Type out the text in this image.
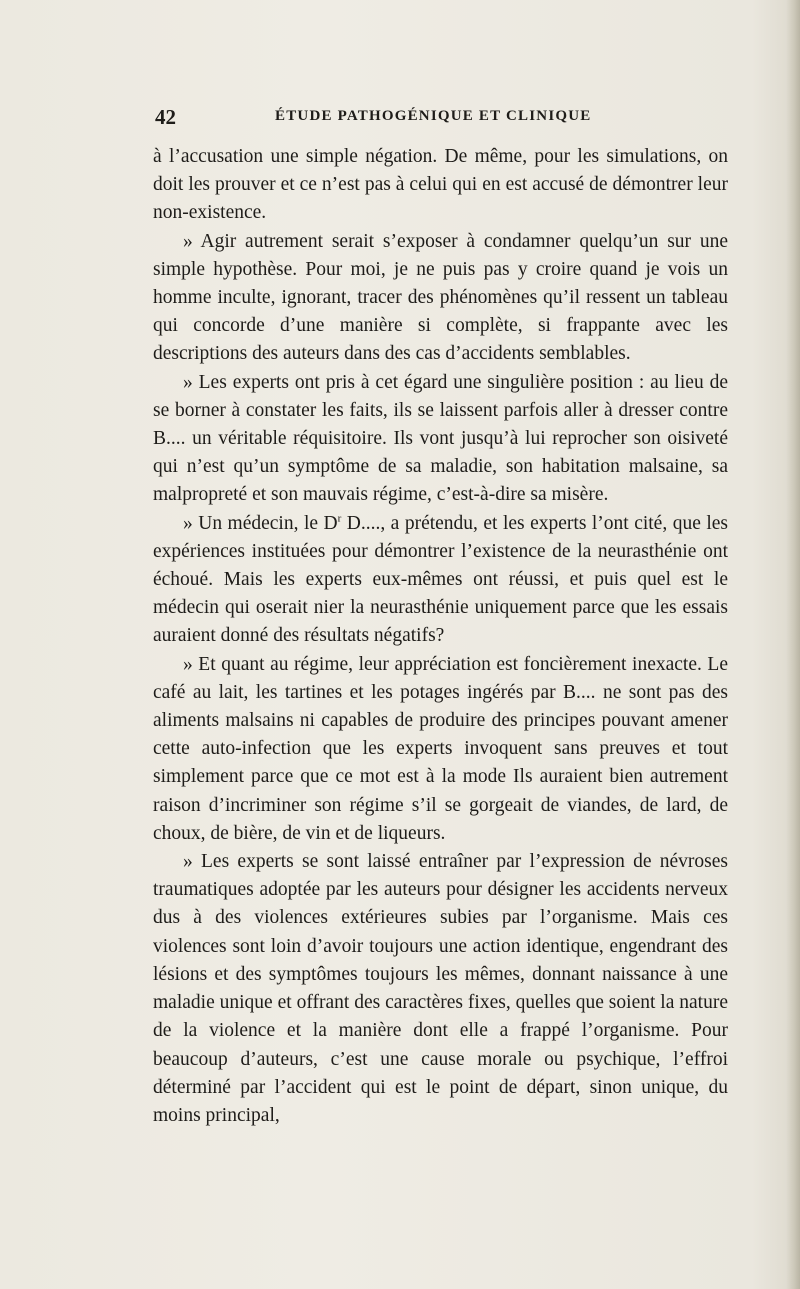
42	ÉTUDE PATHOGÉNIQUE ET CLINIQUE

à l’accusation une simple négation. De même, pour les simulations, on doit les prouver et ce n’est pas à celui qui en est accusé de démontrer leur non-existence.

» Agir autrement serait s’exposer à condamner quelqu’un sur une simple hypothèse. Pour moi, je ne puis pas y croire quand je vois un homme inculte, ignorant, tracer des phénomènes qu’il ressent un tableau qui concorde d’une manière si complète, si frappante avec les descriptions des auteurs dans des cas d’accidents semblables.

» Les experts ont pris à cet égard une singulière position : au lieu de se borner à constater les faits, ils se laissent parfois aller à dresser contre B.... un véritable réquisitoire. Ils vont jusqu’à lui reprocher son oisiveté qui n’est qu’un symptôme de sa maladie, son habitation malsaine, sa malpropreté et son mauvais régime, c’est-à-dire sa misère.

» Un médecin, le $D^r$ D...., a prétendu, et les experts l’ont cité, que les expériences instituées pour démontrer l’existence de la neurasthénie ont échoué. Mais les experts eux-mêmes ont réussi, et puis quel est le médecin qui oserait nier la neurasthénie uniquement parce que les essais auraient donné des résultats négatifs?

» Et quant au régime, leur appréciation est foncièrement inexacte. Le café au lait, les tartines et les potages ingérés par B.... ne sont pas des aliments malsains ni capables de produire des principes pouvant amener cette auto-infection que les experts invoquent sans preuves et tout simplement parce que ce mot est à la mode Ils auraient bien autrement raison d’incriminer son régime s’il se gorgeait de viandes, de lard, de choux, de bière, de vin et de liqueurs.

» Les experts se sont laissé entraîner par l’expression de névroses traumatiques adoptée par les auteurs pour désigner les accidents nerveux dus à des violences extérieures subies par l’organisme. Mais ces violences sont loin d’avoir toujours une action identique, engendrant des lésions et des symptômes toujours les mêmes, donnant naissance à une maladie unique et offrant des caractères fixes, quelles que soient la nature de la violence et la manière dont elle a frappé l’organisme. Pour beaucoup d’auteurs, c’est une cause morale ou psychique, l’effroi déterminé par l’accident qui est le point de départ, sinon unique, du moins principal,
